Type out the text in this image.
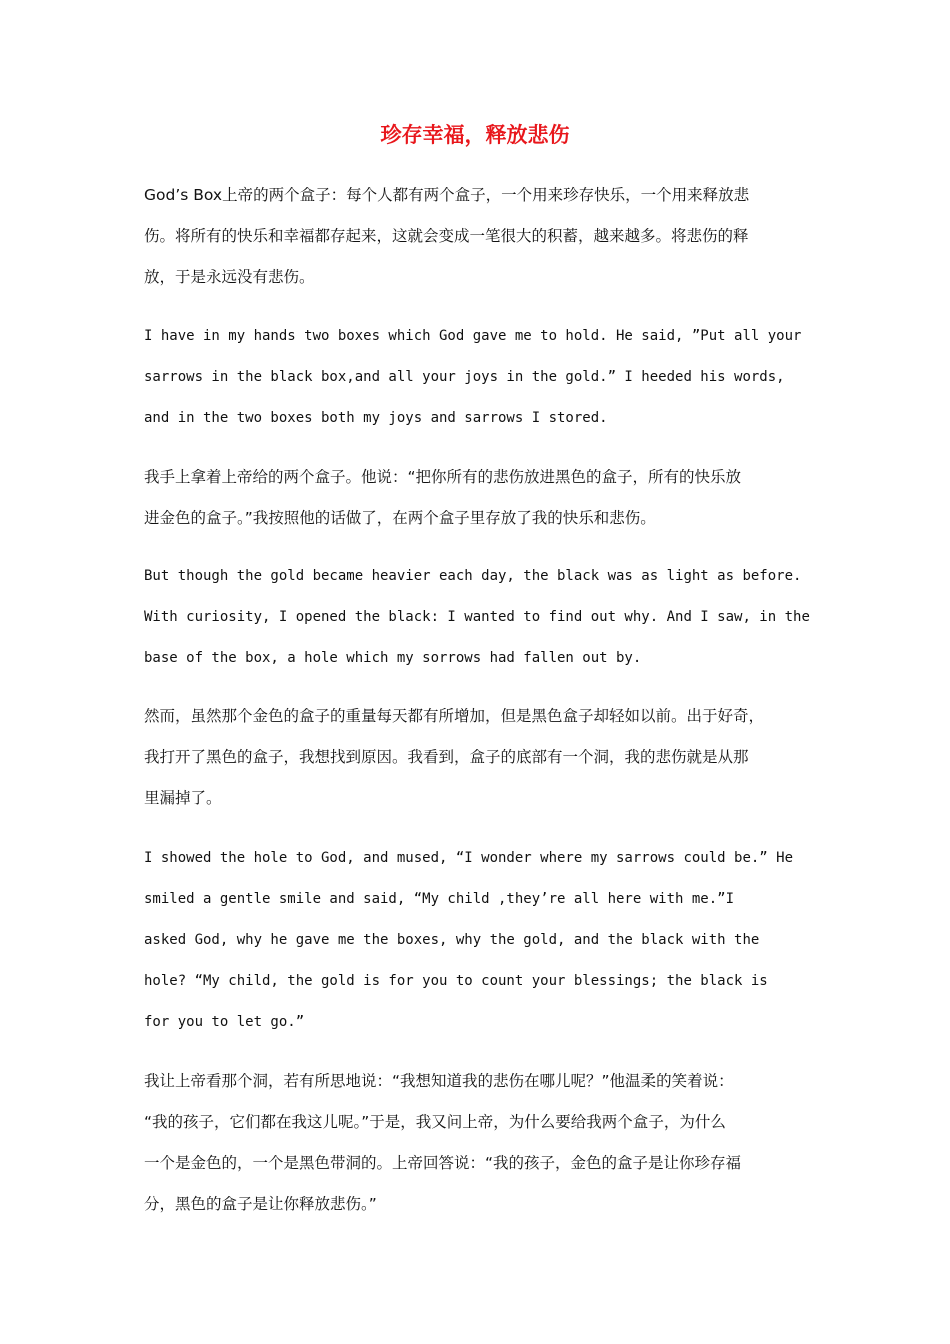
珍存幸福，释放悲伤

God’s Box上帝的两个盒子：每个人都有两个盒子，一个用来珍存快乐，一个用来释放悲
伤。将所有的快乐和幸福都存起来，这就会变成一笔很大的积蓄，越来越多。将悲伤的释
放，于是永远没有悲伤。

I have in my hands two boxes which God gave me to hold. He said, ”Put all your
sarrows in the black box,and all your joys in the gold.” I heeded his words,
and in the two boxes both my joys and sarrows I stored.

我手上拿着上帝给的两个盒子。他说：“把你所有的悲伤放进黑色的盒子，所有的快乐放
进金色的盒子。”我按照他的话做了，在两个盒子里存放了我的快乐和悲伤。

But though the gold became heavier each day, the black was as light as before.
With curiosity, I opened the black: I wanted to find out why. And I saw, in the
base of the box, a hole which my sorrows had fallen out by.

然而，虽然那个金色的盒子的重量每天都有所增加，但是黑色盒子却轻如以前。出于好奇，
我打开了黑色的盒子，我想找到原因。我看到，盒子的底部有一个洞，我的悲伤就是从那
里漏掉了。

I showed the hole to God, and mused, “I wonder where my sarrows could be.” He
smiled a gentle smile and said, “My child ,they’re all here with me.”I
asked God, why he gave me the boxes, why the gold, and the black with the
hole? “My child, the gold is for you to count your blessings; the black is
for you to let go.”

我让上帝看那个洞，若有所思地说：“我想知道我的悲伤在哪儿呢？”他温柔的笑着说：
“我的孩子，它们都在我这儿呢。”于是，我又问上帝，为什么要给我两个盒子，为什么
一个是金色的，一个是黑色带洞的。上帝回答说：“我的孩子，金色的盒子是让你珍存福
分，黑色的盒子是让你释放悲伤。”
